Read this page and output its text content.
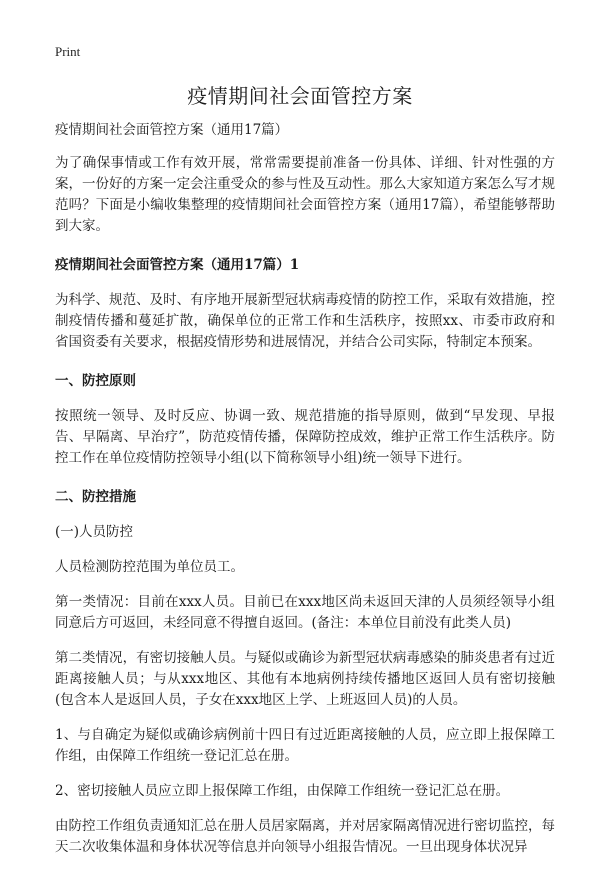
Print
疫情期间社会面管控方案

疫情期间社会面管控方案（通用17篇）

为了确保事情或工作有效开展，常常需要提前准备一份具体、详细、针对性强的方案，一份好的方案一定会注重受众的参与性及互动性。那么大家知道方案怎么写才规范吗？下面是小编收集整理的疫情期间社会面管控方案（通用17篇），希望能够帮助到大家。

疫情期间社会面管控方案（通用17篇）1

为科学、规范、及时、有序地开展新型冠状病毒疫情的防控工作，采取有效措施，控制疫情传播和蔓延扩散，确保单位的正常工作和生活秩序，按照xx、市委市政府和省国资委有关要求，根据疫情形势和进展情况，并结合公司实际，特制定本预案。

一、防控原则

按照统一领导、及时反应、协调一致、规范措施的指导原则，做到“早发现、早报告、早隔离、早治疗”，防范疫情传播，保障防控成效，维护正常工作生活秩序。防控工作在单位疫情防控领导小组(以下简称领导小组)统一领导下进行。

二、防控措施

(一)人员防控

人员检测防控范围为单位员工。

第一类情况：目前在xxx人员。目前已在xxx地区尚未返回天津的人员须经领导小组同意后方可返回，未经同意不得擅自返回。(备注：本单位目前没有此类人员)

第二类情况，有密切接触人员。与疑似或确诊为新型冠状病毒感染的肺炎患者有过近距离接触人员；与从xxx地区、其他有本地病例持续传播地区返回人员有密切接触(包含本人是返回人员，子女在xxx地区上学、上班返回人员)的人员。

1、与自确定为疑似或确诊病例前十四日有过近距离接触的人员，应立即上报保障工作组，由保障工作组统一登记汇总在册。

2、密切接触人员应立即上报保障工作组，由保障工作组统一登记汇总在册。

由防控工作组负责通知汇总在册人员居家隔离，并对居家隔离情况进行密切监控，每天二次收集体温和身体状况等信息并向领导小组报告情况。一旦出现身体状况异
